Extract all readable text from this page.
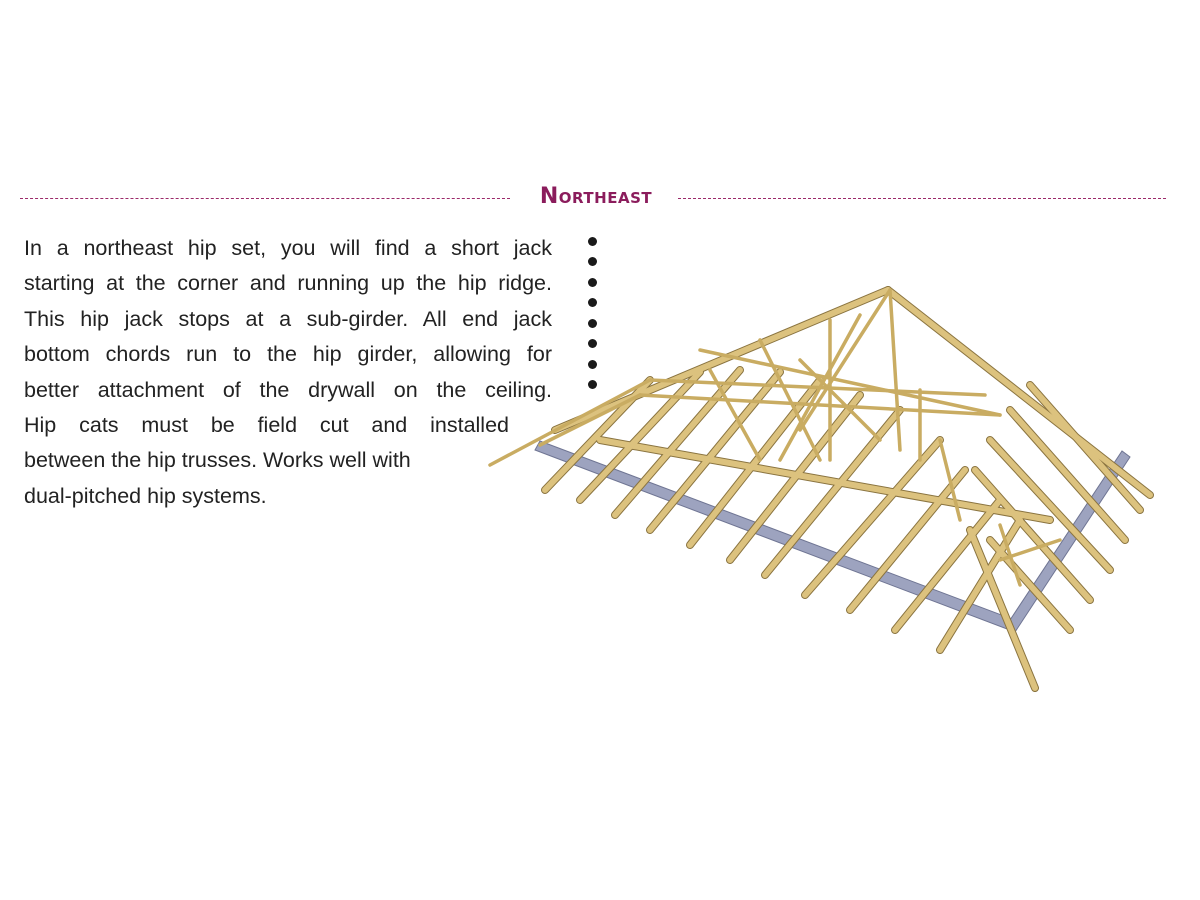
Northeast
In a northeast hip set, you will find a short jack
starting at the corner and running up the hip ridge.
This hip jack stops at a sub-girder. All end jack
bottom chords run to the hip girder, allowing for
better attachment of the drywall on the ceiling.
Hip cats must be field cut and installed
between the hip trusses. Works well with
dual-pitched hip systems.
